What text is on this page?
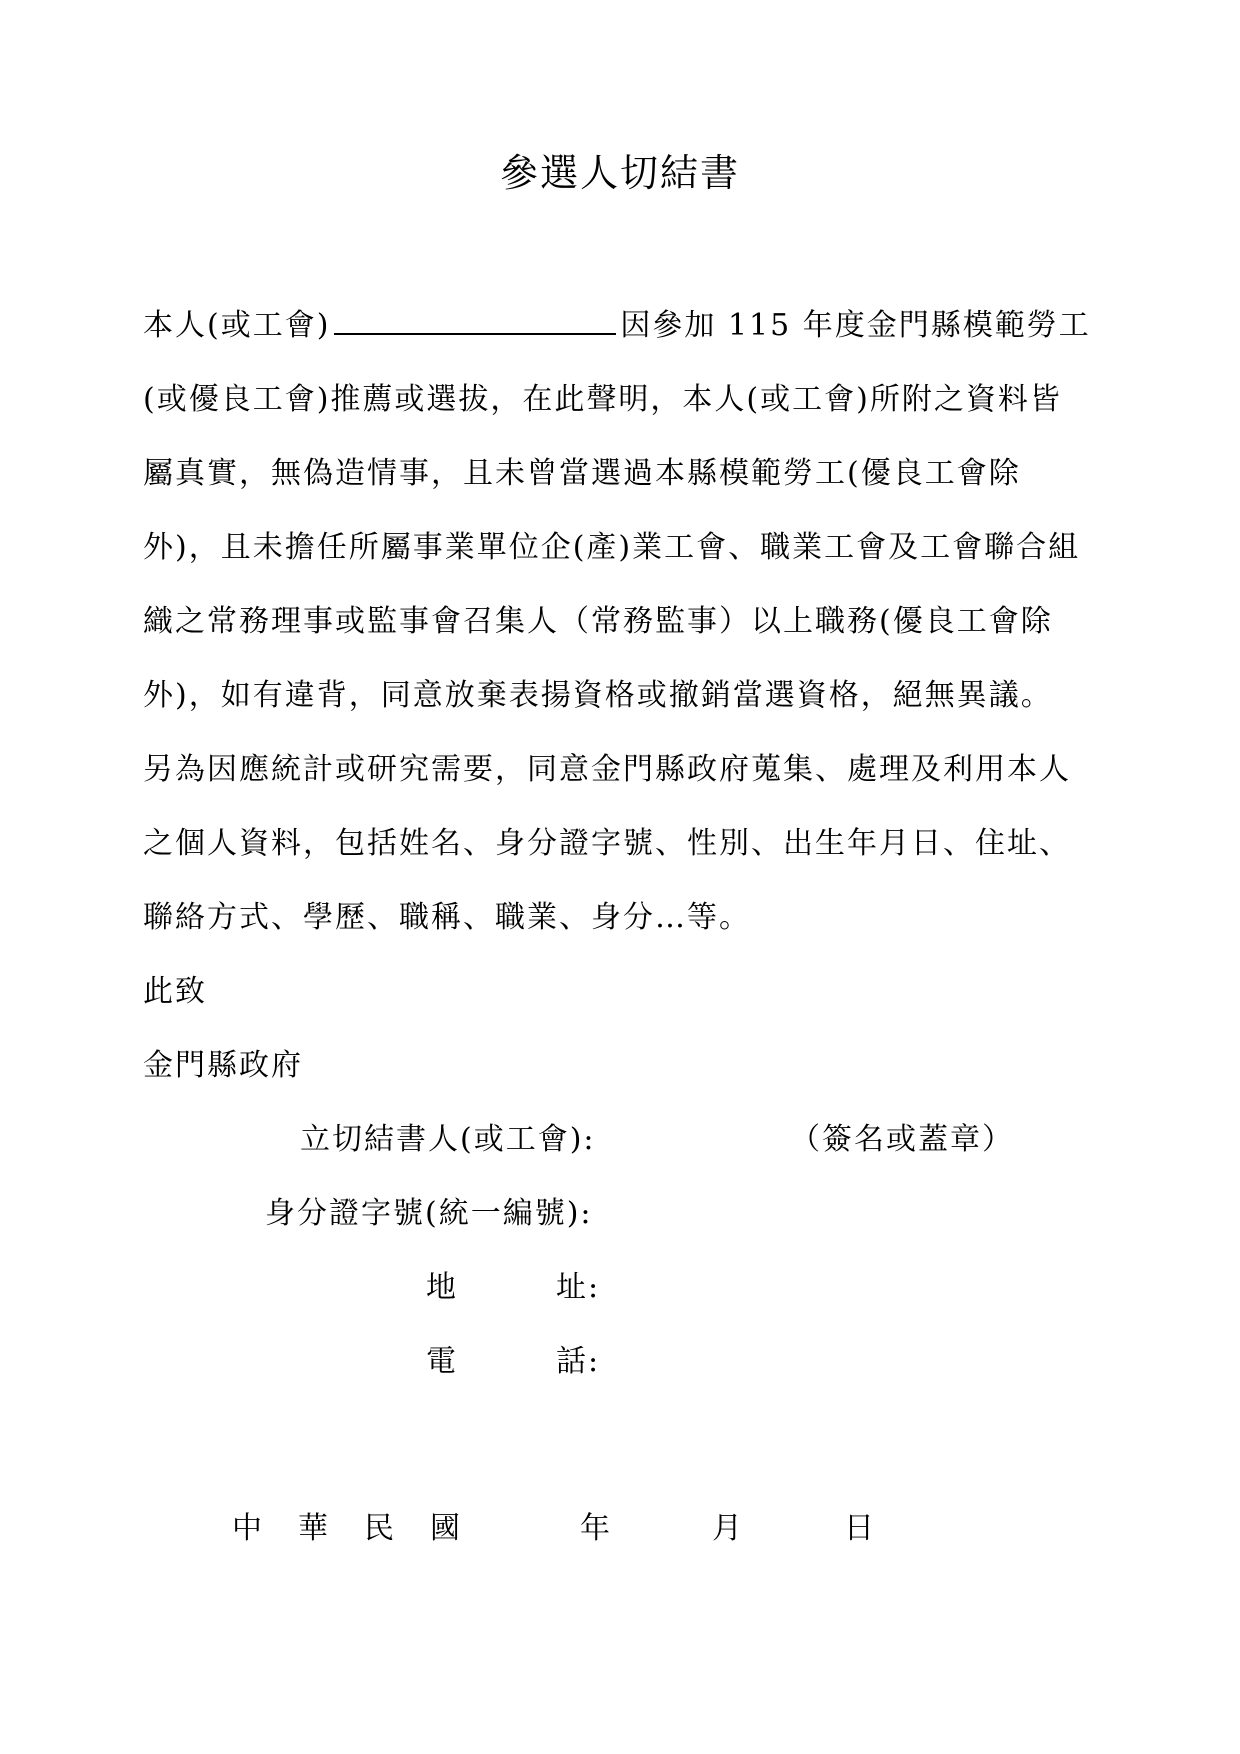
參選人切結書
本人(或工會)	因參加 115 年度金門縣模範勞工
(或優良工會)推薦或選拔，在此聲明，本人(或工會)所附之資料皆
屬真實，無偽造情事，且未曾當選過本縣模範勞工(優良工會除
外)，且未擔任所屬事業單位企(產)業工會、職業工會及工會聯合組
織之常務理事或監事會召集人（常務監事）以上職務(優良工會除
外)，如有違背，同意放棄表揚資格或撤銷當選資格，絕無異議。
另為因應統計或研究需要，同意金門縣政府蒐集、處理及利用本人
之個人資料，包括姓名、身分證字號、性別、出生年月日、住址、
聯絡方式、學歷、職稱、職業、身分…等。
此致
金門縣政府
立切結書人(或工會):	（簽名或蓋章）
身分證字號(統一編號):
地	址:
電	話:
中 華 民 國	年	月	日
